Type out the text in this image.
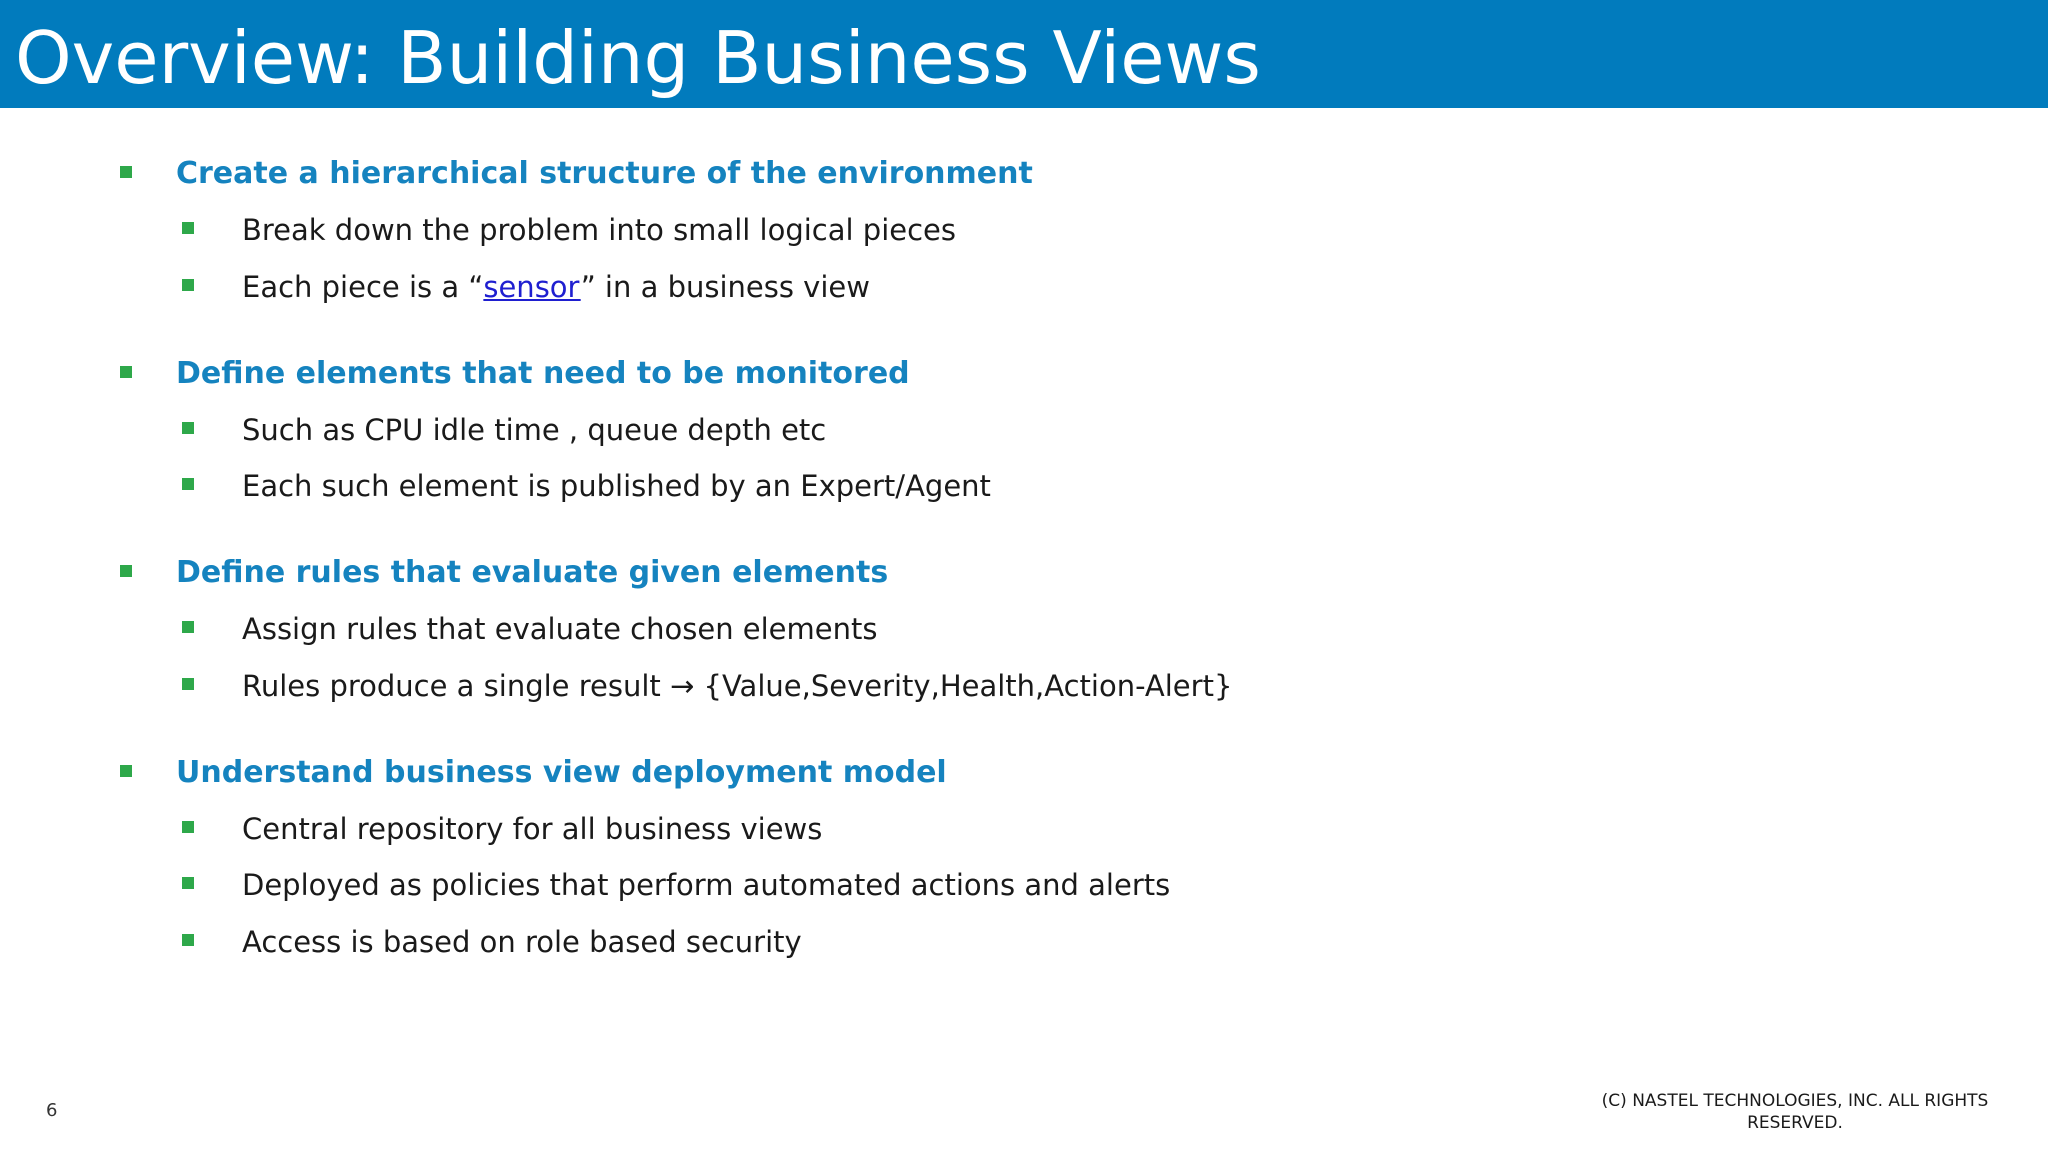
Overview: Building Business Views
Create a hierarchical structure of the environment
Break down the problem into small logical pieces
Each piece is a “sensor” in a business view
Define elements that need to be monitored
Such as CPU idle time , queue depth etc
Each such element is published by an Expert/Agent
Define rules that evaluate given elements
Assign rules that evaluate chosen elements
Rules produce a single result → {Value,Severity,Health,Action-Alert}
Understand business view deployment model
Central repository for all business views
Deployed as policies that perform automated actions and alerts
Access is based on role based security
6	(C) NASTEL TECHNOLOGIES, INC. ALL RIGHTS
RESERVED.
